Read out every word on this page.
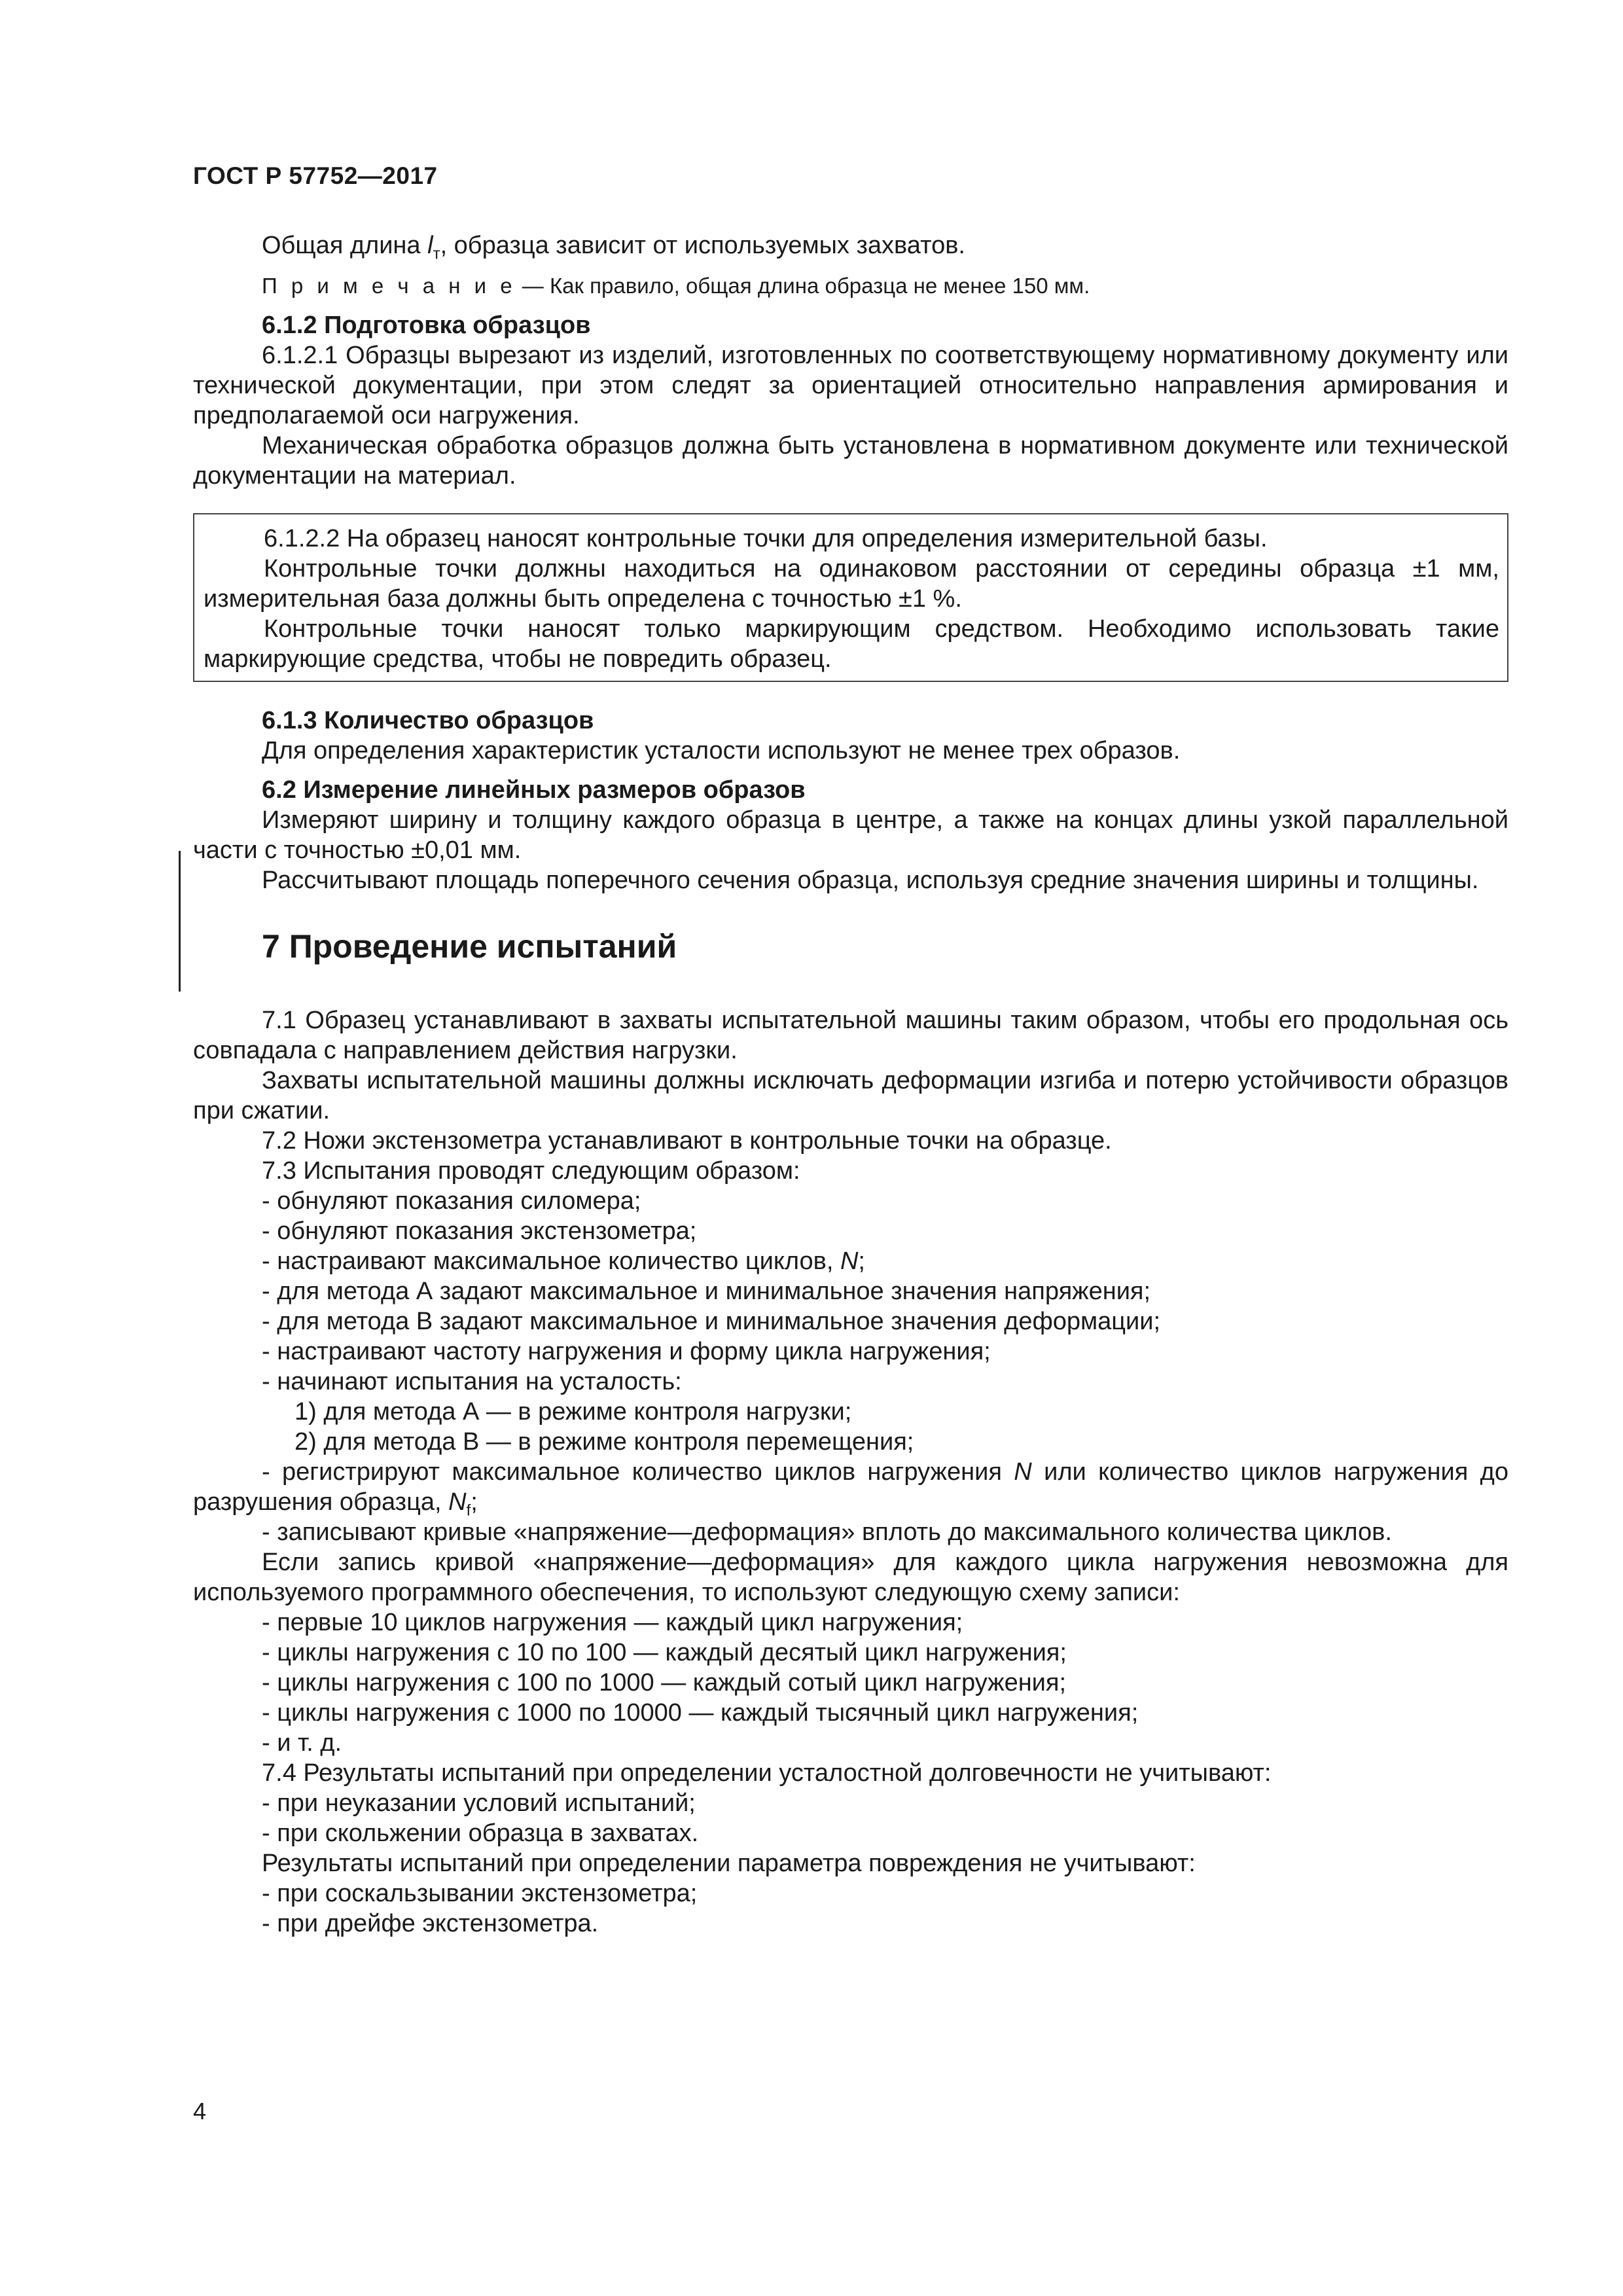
ГОСТ Р 57752—2017

Общая длина $l_т$, образца зависит от используемых захватов.

П р и м е ч а н и е — Как правило, общая длина образца не менее 150 мм.

6.1.2 Подготовка образцов

6.1.2.1 Образцы вырезают из изделий, изготовленных по соответствующему нормативному документу или технической документации, при этом следят за ориентацией относительно направления армирования и предполагаемой оси нагружения.

Механическая обработка образцов должна быть установлена в нормативном документе или технической документации на материал.

6.1.2.2 На образец наносят контрольные точки для определения измерительной базы.

Контрольные точки должны находиться на одинаковом расстоянии от середины образца ±1 мм, измерительная база должны быть определена с точностью ±1 %.

Контрольные точки наносят только маркирующим средством. Необходимо использовать такие маркирующие средства, чтобы не повредить образец.

6.1.3 Количество образцов

Для определения характеристик усталости используют не менее трех образов.

6.2 Измерение линейных размеров образов

Измеряют ширину и толщину каждого образца в центре, а также на концах длины узкой параллельной части с точностью ±0,01 мм.

Рассчитывают площадь поперечного сечения образца, используя средние значения ширины и толщины.

7 Проведение испытаний

7.1 Образец устанавливают в захваты испытательной машины таким образом, чтобы его продольная ось совпадала с направлением действия нагрузки.

Захваты испытательной машины должны исключать деформации изгиба и потерю устойчивости образцов при сжатии.

7.2 Ножи экстензометра устанавливают в контрольные точки на образце.

7.3 Испытания проводят следующим образом:

- обнуляют показания силомера;

- обнуляют показания экстензометра;

- настраивают максимальное количество циклов, N;

- для метода А задают максимальное и минимальное значения напряжения;

- для метода В задают максимальное и минимальное значения деформации;

- настраивают частоту нагружения и форму цикла нагружения;

- начинают испытания на усталость:

1) для метода А — в режиме контроля нагрузки;

2) для метода В — в режиме контроля перемещения;

- регистрируют максимальное количество циклов нагружения N или количество циклов нагружения до разрушения образца, $N_f$;

- записывают кривые «напряжение—деформация» вплоть до максимального количества циклов.

Если запись кривой «напряжение—деформация» для каждого цикла нагружения невозможна для используемого программного обеспечения, то используют следующую схему записи:

- первые 10 циклов нагружения — каждый цикл нагружения;

- циклы нагружения с 10 по 100 — каждый десятый цикл нагружения;

- циклы нагружения с 100 по 1000 — каждый сотый цикл нагружения;

- циклы нагружения с 1000 по 10000 — каждый тысячный цикл нагружения;

- и т. д.

7.4 Результаты испытаний при определении усталостной долговечности не учитывают:

- при неуказании условий испытаний;

- при скольжении образца в захватах.

Результаты испытаний при определении параметра повреждения не учитывают:

- при соскальзывании экстензометра;

- при дрейфе экстензометра.

4
